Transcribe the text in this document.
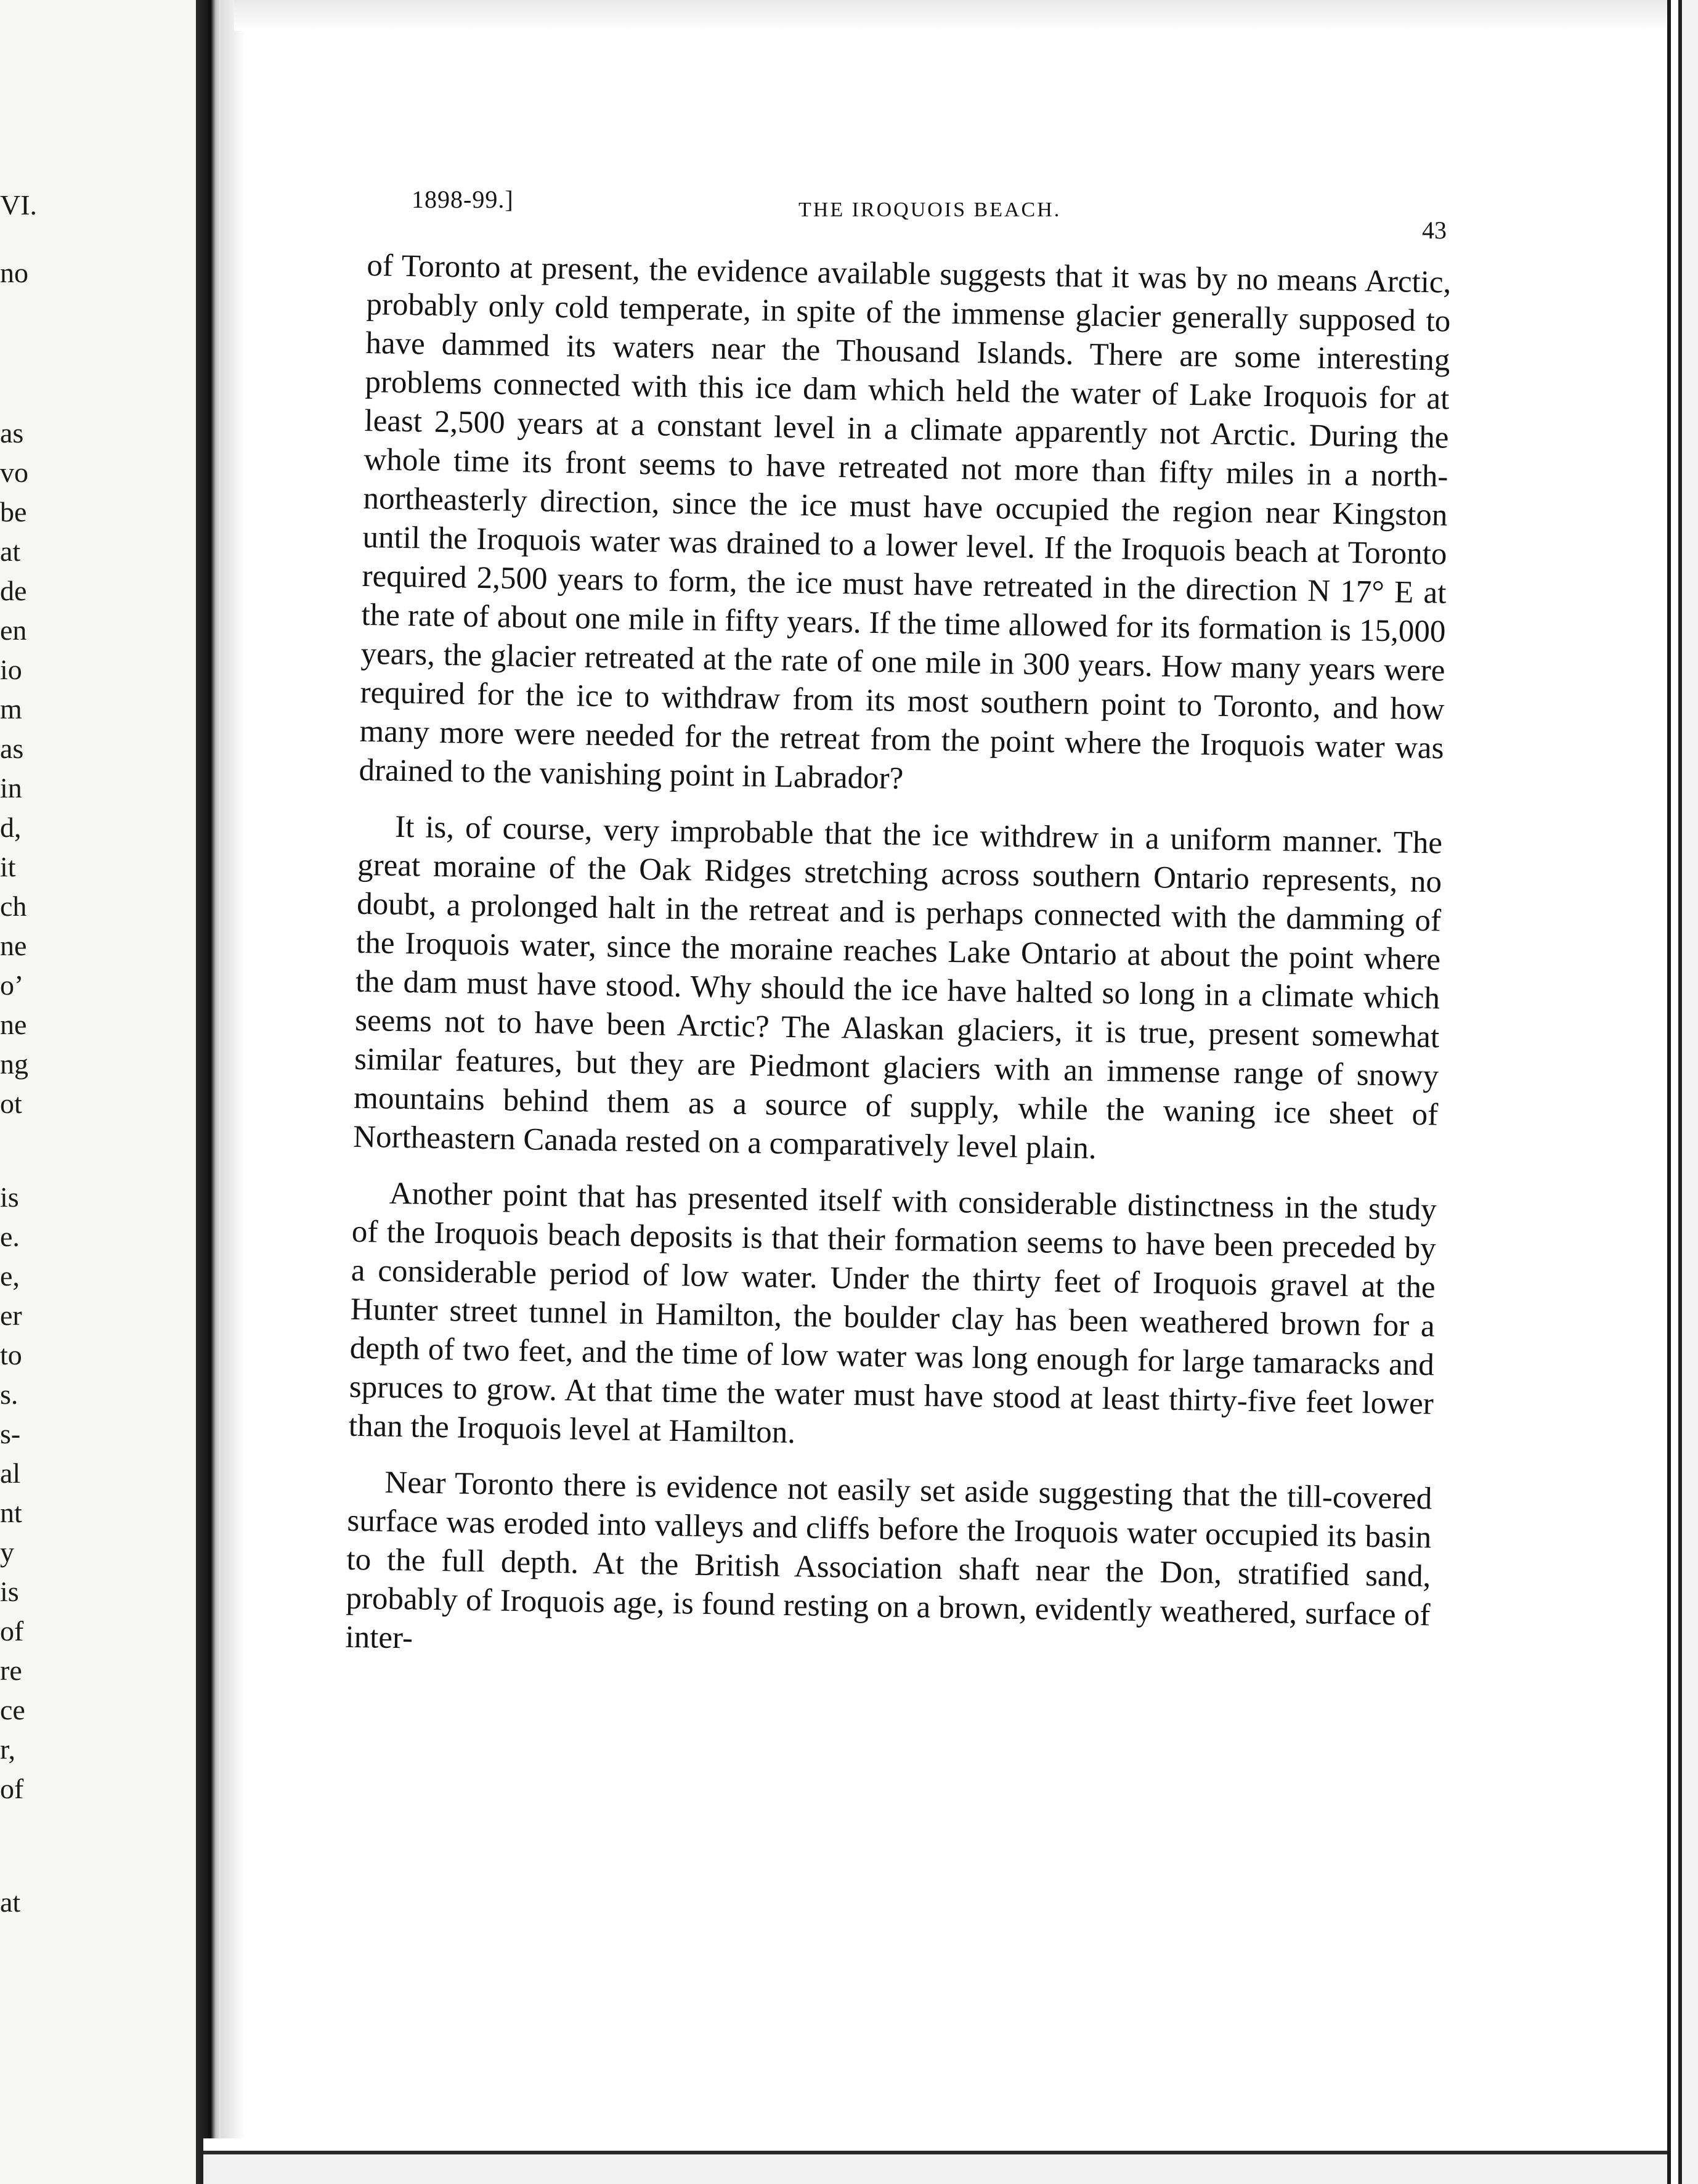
VI.
no
as
vo
be
at
de
en
io
m
as
in
d,
it
ch
ne
o’
ne
ng
ot
is
e.
e,
er
to
s.
s-
al
nt
y
is
of
re
ce
r,
of
at
1898-99.]	THE IROQUOIS BEACH.
43

of Toronto at present, the evidence available suggests that it was by no means Arctic, probably only cold temperate, in spite of the immense glacier generally supposed to have dammed its waters near the Thousand Islands. There are some interesting problems connected with this ice dam which held the water of Lake Iroquois for at least 2,500 years at a constant level in a climate apparently not Arctic. During the whole time its front seems to have retreated not more than fifty miles in a north-northeasterly direction, since the ice must have occupied the region near Kingston until the Iroquois water was drained to a lower level. If the Iroquois beach at Toronto required 2,500 years to form, the ice must have retreated in the direction N 17° E at the rate of about one mile in fifty years. If the time allowed for its formation is 15,000 years, the glacier retreated at the rate of one mile in 300 years. How many years were required for the ice to withdraw from its most southern point to Toronto, and how many more were needed for the retreat from the point where the Iroquois water was drained to the vanishing point in Labrador?

It is, of course, very improbable that the ice withdrew in a uniform manner. The great moraine of the Oak Ridges stretching across southern Ontario represents, no doubt, a prolonged halt in the retreat and is perhaps connected with the damming of the Iroquois water, since the moraine reaches Lake Ontario at about the point where the dam must have stood. Why should the ice have halted so long in a climate which seems not to have been Arctic? The Alaskan glaciers, it is true, present somewhat similar features, but they are Piedmont glaciers with an immense range of snowy mountains behind them as a source of supply, while the waning ice sheet of Northeastern Canada rested on a comparatively level plain.

Another point that has presented itself with considerable distinctness in the study of the Iroquois beach deposits is that their formation seems to have been preceded by a considerable period of low water. Under the thirty feet of Iroquois gravel at the Hunter street tunnel in Hamilton, the boulder clay has been weathered brown for a depth of two feet, and the time of low water was long enough for large tamaracks and spruces to grow. At that time the water must have stood at least thirty-five feet lower than the Iroquois level at Hamilton.

Near Toronto there is evidence not easily set aside suggesting that the till-covered surface was eroded into valleys and cliffs before the Iroquois water occupied its basin to the full depth. At the British Association shaft near the Don, stratified sand, probably of Iroquois age, is found resting on a brown, evidently weathered, surface of inter-
